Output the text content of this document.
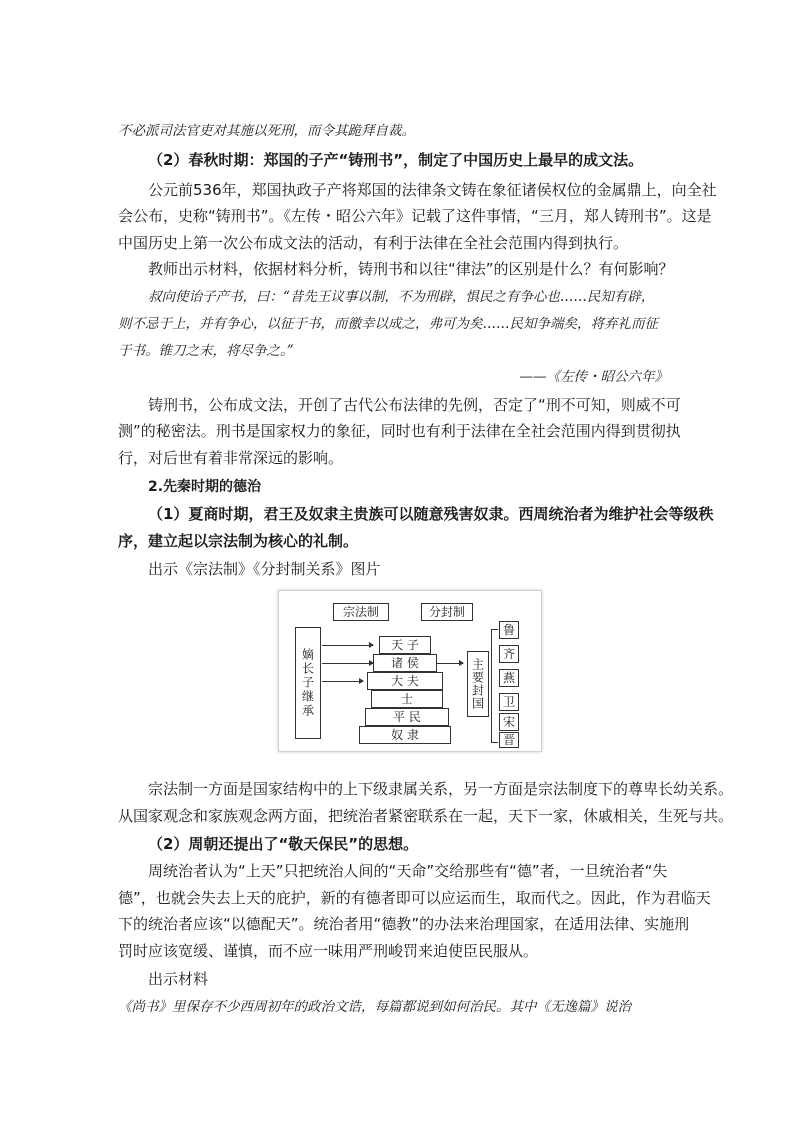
不必派司法官吏对其施以死刑，而令其跪拜自裁。
（2）春秋时期：郑国的子产“铸刑书”，制定了中国历史上最早的成文法。
公元前536年，郑国执政子产将郑国的法律条文铸在象征诸侯权位的金属鼎上，向全社
会公布，史称“铸刑书”。《左传・昭公六年》记载了这件事情，“三月，郑人铸刑书”。这是
中国历史上第一次公布成文法的活动，有利于法律在全社会范围内得到执行。
教师出示材料，依据材料分析，铸刑书和以往“律法”的区别是什么？有何影响？
叔向使诒子产书，曰：“昔先王议事以制，不为刑辟，惧民之有争心也……民知有辟，
则不忌于上，并有争心，以征于书，而徼幸以成之，弗可为矣……民知争端矣，将弃礼而征
于书。锥刀之末，将尽争之。”
——《左传・昭公六年》
铸刑书，公布成文法，开创了古代公布法律的先例，否定了“刑不可知，则威不可
测”的秘密法。刑书是国家权力的象征，同时也有利于法律在全社会范围内得到贯彻执
行，对后世有着非常深远的影响。
2.先秦时期的德治
（1）夏商时期，君王及奴隶主贵族可以随意残害奴隶。西周统治者为维护社会等级秩
序，建立起以宗法制为核心的礼制。
出示《宗法制》《分封制关系》图片
宗法制	分封制
嫡长子继承
天 子
诸 侯
大 夫
士
平 民
奴 隶
主要封国
鲁
齐
燕
卫
宋
晋
宗法制一方面是国家结构中的上下级隶属关系，另一方面是宗法制度下的尊卑长幼关系。
从国家观念和家族观念两方面，把统治者紧密联系在一起，天下一家，休戚相关，生死与共。
（2）周朝还提出了“敬天保民”的思想。
周统治者认为“上天”只把统治人间的“天命”交给那些有“德”者，一旦统治者“失
德”，也就会失去上天的庇护，新的有德者即可以应运而生，取而代之。因此，作为君临天
下的统治者应该“以德配天”。统治者用“德教”的办法来治理国家，在适用法律、实施刑
罚时应该宽缓、谨慎，而不应一味用严刑峻罚来迫使臣民服从。
出示材料
《尚书》里保存不少西周初年的政治文诰，每篇都说到如何治民。其中《无逸篇》说治
